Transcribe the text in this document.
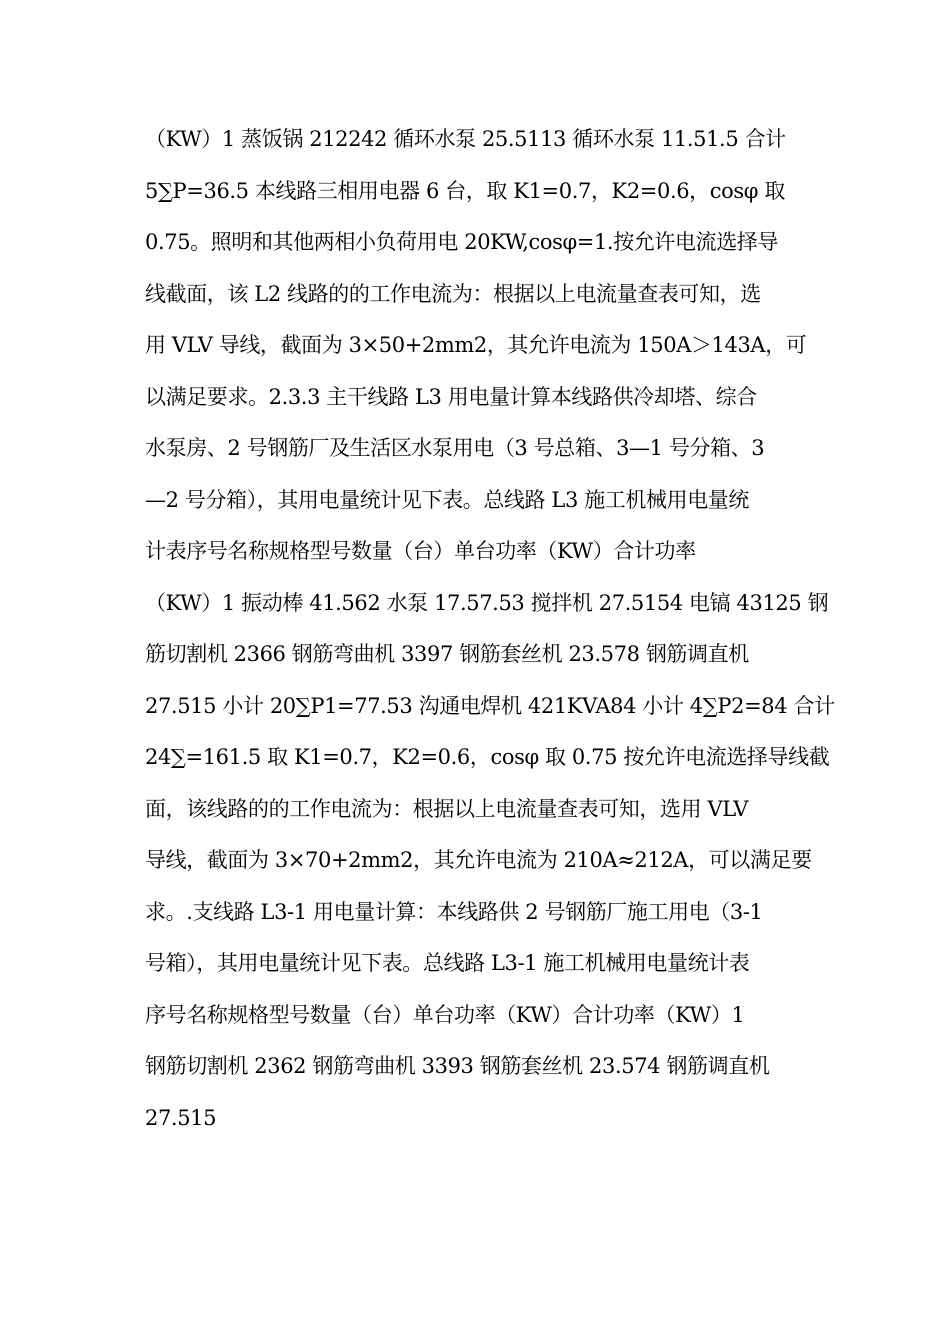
（KW）1 蒸饭锅 212242 循环水泵 25.5113 循环水泵 11.51.5 合计
5∑P=36.5 本线路三相用电器 6 台，取 K1=0.7，K2=0.6，cosφ 取
0.75。照明和其他两相小负荷用电 20KW,cosφ=1.按允许电流选择导
线截面，该 L2 线路的的工作电流为：根据以上电流量查表可知，选
用 VLV 导线，截面为 3×50+2mm2，其允许电流为 150A＞143A，可
以满足要求。2.3.3 主干线路 L3 用电量计算本线路供冷却塔、综合
水泵房、2 号钢筋厂及生活区水泵用电（3 号总箱、3—1 号分箱、3
—2 号分箱），其用电量统计见下表。总线路 L3 施工机械用电量统
计表序号名称规格型号数量（台）单台功率（KW）合计功率
（KW）1 振动棒 41.562 水泵 17.57.53 搅拌机 27.5154 电镐 43125 钢
筋切割机 2366 钢筋弯曲机 3397 钢筋套丝机 23.578 钢筋调直机
27.515 小计 20∑P1=77.53 沟通电焊机 421KVA84 小计 4∑P2=84 合计
24∑=161.5 取 K1=0.7，K2=0.6，cosφ 取 0.75 按允许电流选择导线截
面，该线路的的工作电流为：根据以上电流量查表可知，选用 VLV
导线，截面为 3×70+2mm2，其允许电流为 210A≈212A，可以满足要
求。.支线路 L3-1 用电量计算：本线路供 2 号钢筋厂施工用电（3-1
号箱），其用电量统计见下表。总线路 L3-1 施工机械用电量统计表
序号名称规格型号数量（台）单台功率（KW）合计功率（KW）1
钢筋切割机 2362 钢筋弯曲机 3393 钢筋套丝机 23.574 钢筋调直机
27.515
